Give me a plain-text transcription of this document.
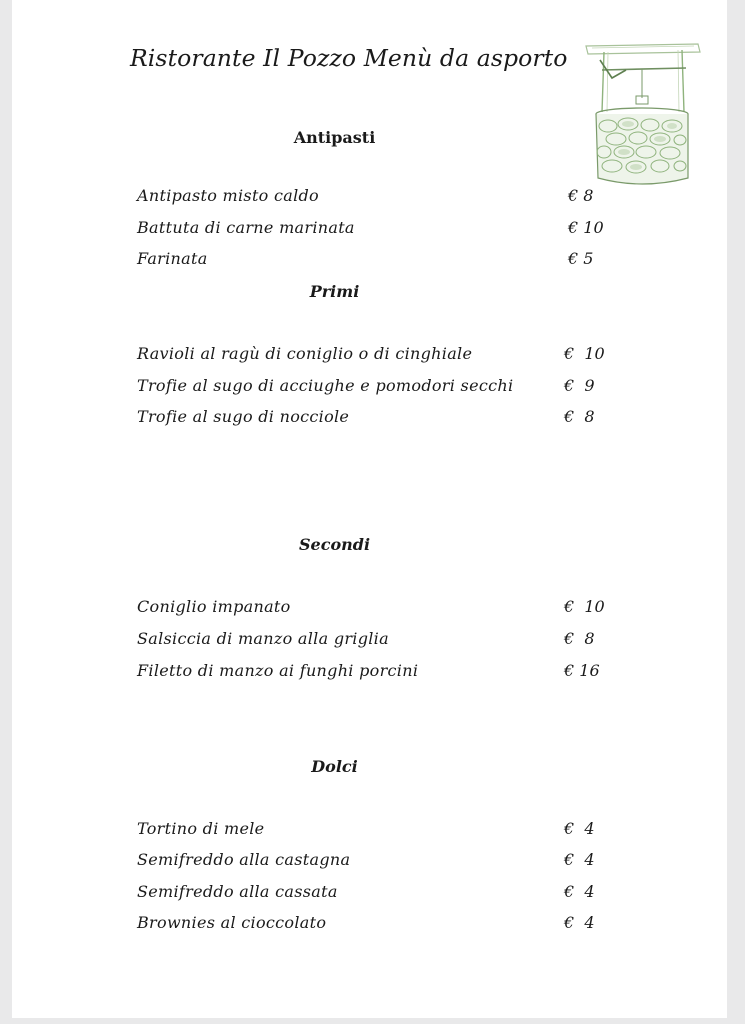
Ristorante Il Pozzo Menù da asporto
Antipasti
Antipasto misto caldo	€ 8
Battuta di carne marinata	€ 10
Farinata	€ 5
Primi
Ravioli al ragù di coniglio o di cinghiale	€  10
Trofie al sugo di acciughe e pomodori secchi	€  9
Trofie al sugo di nocciole	€  8
Secondi
Coniglio impanato	€  10
Salsiccia di manzo alla griglia	€  8
Filetto di manzo ai funghi porcini	€ 16
Dolci
Tortino di mele	€  4
Semifreddo alla castagna	€  4
Semifreddo alla cassata	€  4
Brownies al cioccolato	€  4
